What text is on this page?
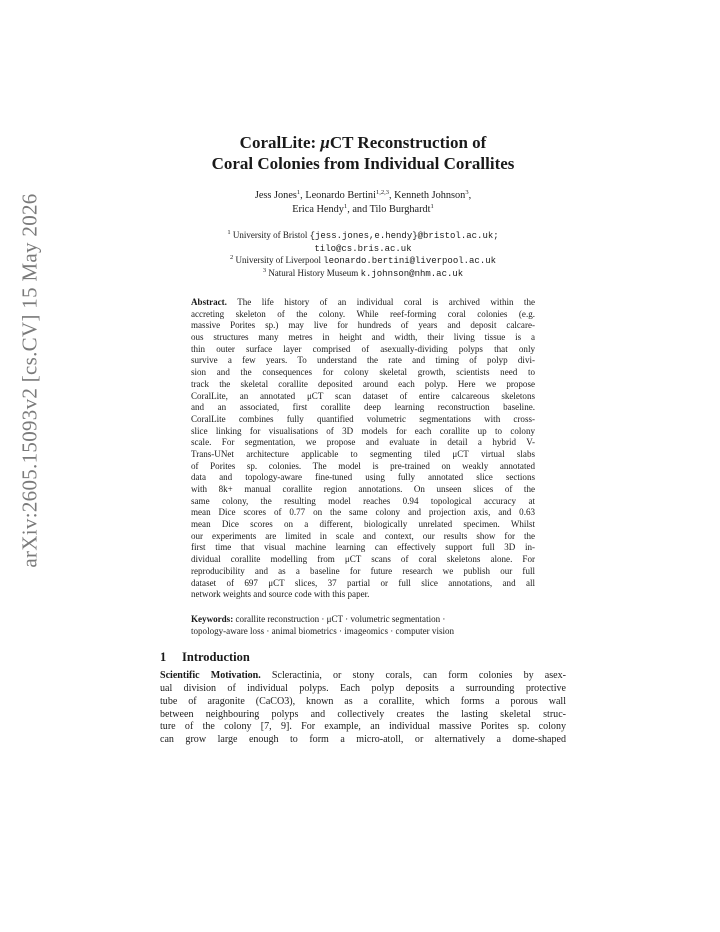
arXiv:2605.15093v2 [cs.CV] 15 May 2026
CoralLite: μCT Reconstruction of
Coral Colonies from Individual Corallites
Jess Jones$^1$, Leonardo Bertini$^{1,2,3}$, Kenneth Johnson$^3$,
Erica Hendy$^1$, and Tilo Burghardt$^1$
$^1$ University of Bristol {jess.jones,e.hendy}@bristol.ac.uk;
tilo@cs.bris.ac.uk
$^2$ University of Liverpool leonardo.bertini@liverpool.ac.uk
$^3$ Natural History Museum k.johnson@nhm.ac.uk
Abstract. The life history of an individual coral is archived within the
accreting skeleton of the colony. While reef-forming coral colonies (e.g.
massive Porites sp.) may live for hundreds of years and deposit calcare-
ous structures many metres in height and width, their living tissue is a
thin outer surface layer comprised of asexually-dividing polyps that only
survive a few years. To understand the rate and timing of polyp divi-
sion and the consequences for colony skeletal growth, scientists need to
track the skeletal corallite deposited around each polyp. Here we propose
CoralLite, an annotated μCT scan dataset of entire calcareous skeletons
and an associated, first corallite deep learning reconstruction baseline.
CoralLite combines fully quantified volumetric segmentations with cross-
slice linking for visualisations of 3D models for each corallite up to colony
scale. For segmentation, we propose and evaluate in detail a hybrid V-
Trans-UNet architecture applicable to segmenting tiled μCT virtual slabs
of Porites sp. colonies. The model is pre-trained on weakly annotated
data and topology-aware fine-tuned using fully annotated slice sections
with 8k+ manual corallite region annotations. On unseen slices of the
same colony, the resulting model reaches 0.94 topological accuracy at
mean Dice scores of 0.77 on the same colony and projection axis, and 0.63
mean Dice scores on a different, biologically unrelated specimen. Whilst
our experiments are limited in scale and context, our results show for the
first time that visual machine learning can effectively support full 3D in-
dividual corallite modelling from μCT scans of coral skeletons alone. For
reproducibility and as a baseline for future research we publish our full
dataset of 697 μCT slices, 37 partial or full slice annotations, and all
network weights and source code with this paper.
Keywords: corallite reconstruction · μCT · volumetric segmentation ·
topology-aware loss · animal biometrics · imageomics · computer vision
1 Introduction
Scientific Motivation. Scleractinia, or stony corals, can form colonies by asex-
ual division of individual polyps. Each polyp deposits a surrounding protective
tube of aragonite (CaCO3), known as a corallite, which forms a porous wall
between neighbouring polyps and collectively creates the lasting skeletal struc-
ture of the colony [7, 9]. For example, an individual massive Porites sp. colony
can grow large enough to form a micro-atoll, or alternatively a dome-shaped
